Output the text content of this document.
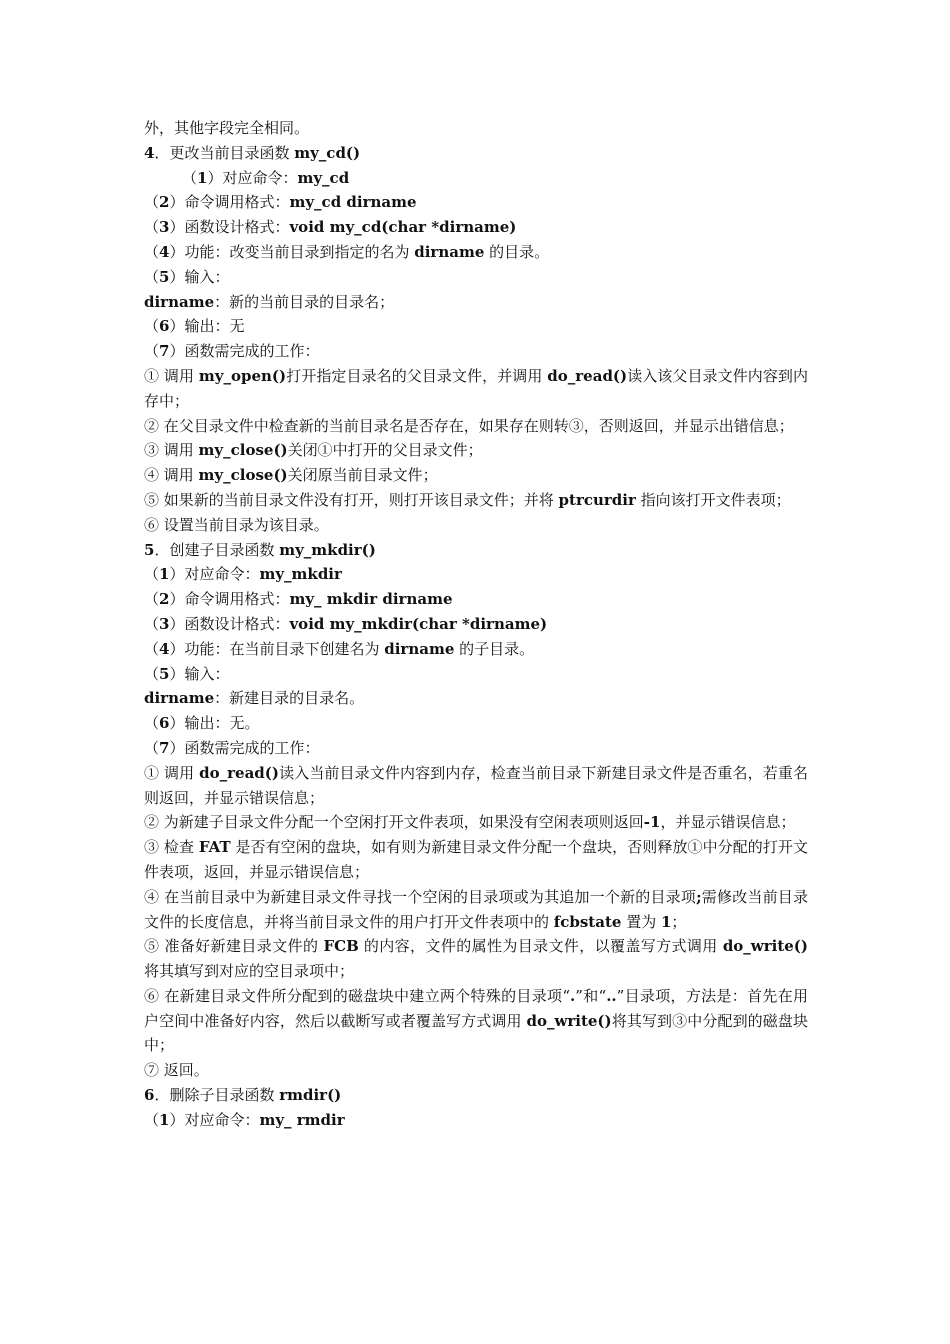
外，其他字段完全相同。
4．更改当前目录函数 my_cd()
（1）对应命令：my_cd
（2）命令调用格式：my_cd dirname
（3）函数设计格式：void my_cd(char *dirname)
（4）功能：改变当前目录到指定的名为 dirname 的目录。
（5）输入：
dirname：新的当前目录的目录名；
（6）输出：无
（7）函数需完成的工作：
① 调用 my_open()打开指定目录名的父目录文件，并调用 do_read()读入该父目录文件内容到内存中；
② 在父目录文件中检查新的当前目录名是否存在，如果存在则转③，否则返回，并显示出错信息；
③ 调用 my_close()关闭①中打开的父目录文件；
④ 调用 my_close()关闭原当前目录文件；
⑤ 如果新的当前目录文件没有打开，则打开该目录文件；并将 ptrcurdir 指向该打开文件表项；
⑥ 设置当前目录为该目录。
5．创建子目录函数 my_mkdir()
（1）对应命令：my_mkdir
（2）命令调用格式：my_ mkdir dirname
（3）函数设计格式：void my_mkdir(char *dirname)
（4）功能：在当前目录下创建名为 dirname 的子目录。
（5）输入：
dirname：新建目录的目录名。
（6）输出：无。
（7）函数需完成的工作：
① 调用 do_read()读入当前目录文件内容到内存，检查当前目录下新建目录文件是否重名，若重名则返回，并显示错误信息；
② 为新建子目录文件分配一个空闲打开文件表项，如果没有空闲表项则返回-1，并显示错误信息；
③ 检查 FAT 是否有空闲的盘块，如有则为新建目录文件分配一个盘块，否则释放①中分配的打开文件表项，返回，并显示错误信息；
④ 在当前目录中为新建目录文件寻找一个空闲的目录项或为其追加一个新的目录项;需修改当前目录文件的长度信息，并将当前目录文件的用户打开文件表项中的 fcbstate 置为 1；
⑤ 准备好新建目录文件的 FCB 的内容，文件的属性为目录文件，以覆盖写方式调用 do_write()将其填写到对应的空目录项中；
⑥ 在新建目录文件所分配到的磁盘块中建立两个特殊的目录项“.”和“..”目录项，方法是：首先在用户空间中准备好内容，然后以截断写或者覆盖写方式调用 do_write()将其写到③中分配到的磁盘块中；
⑦ 返回。
6．删除子目录函数 rmdir()
（1）对应命令：my_ rmdir
